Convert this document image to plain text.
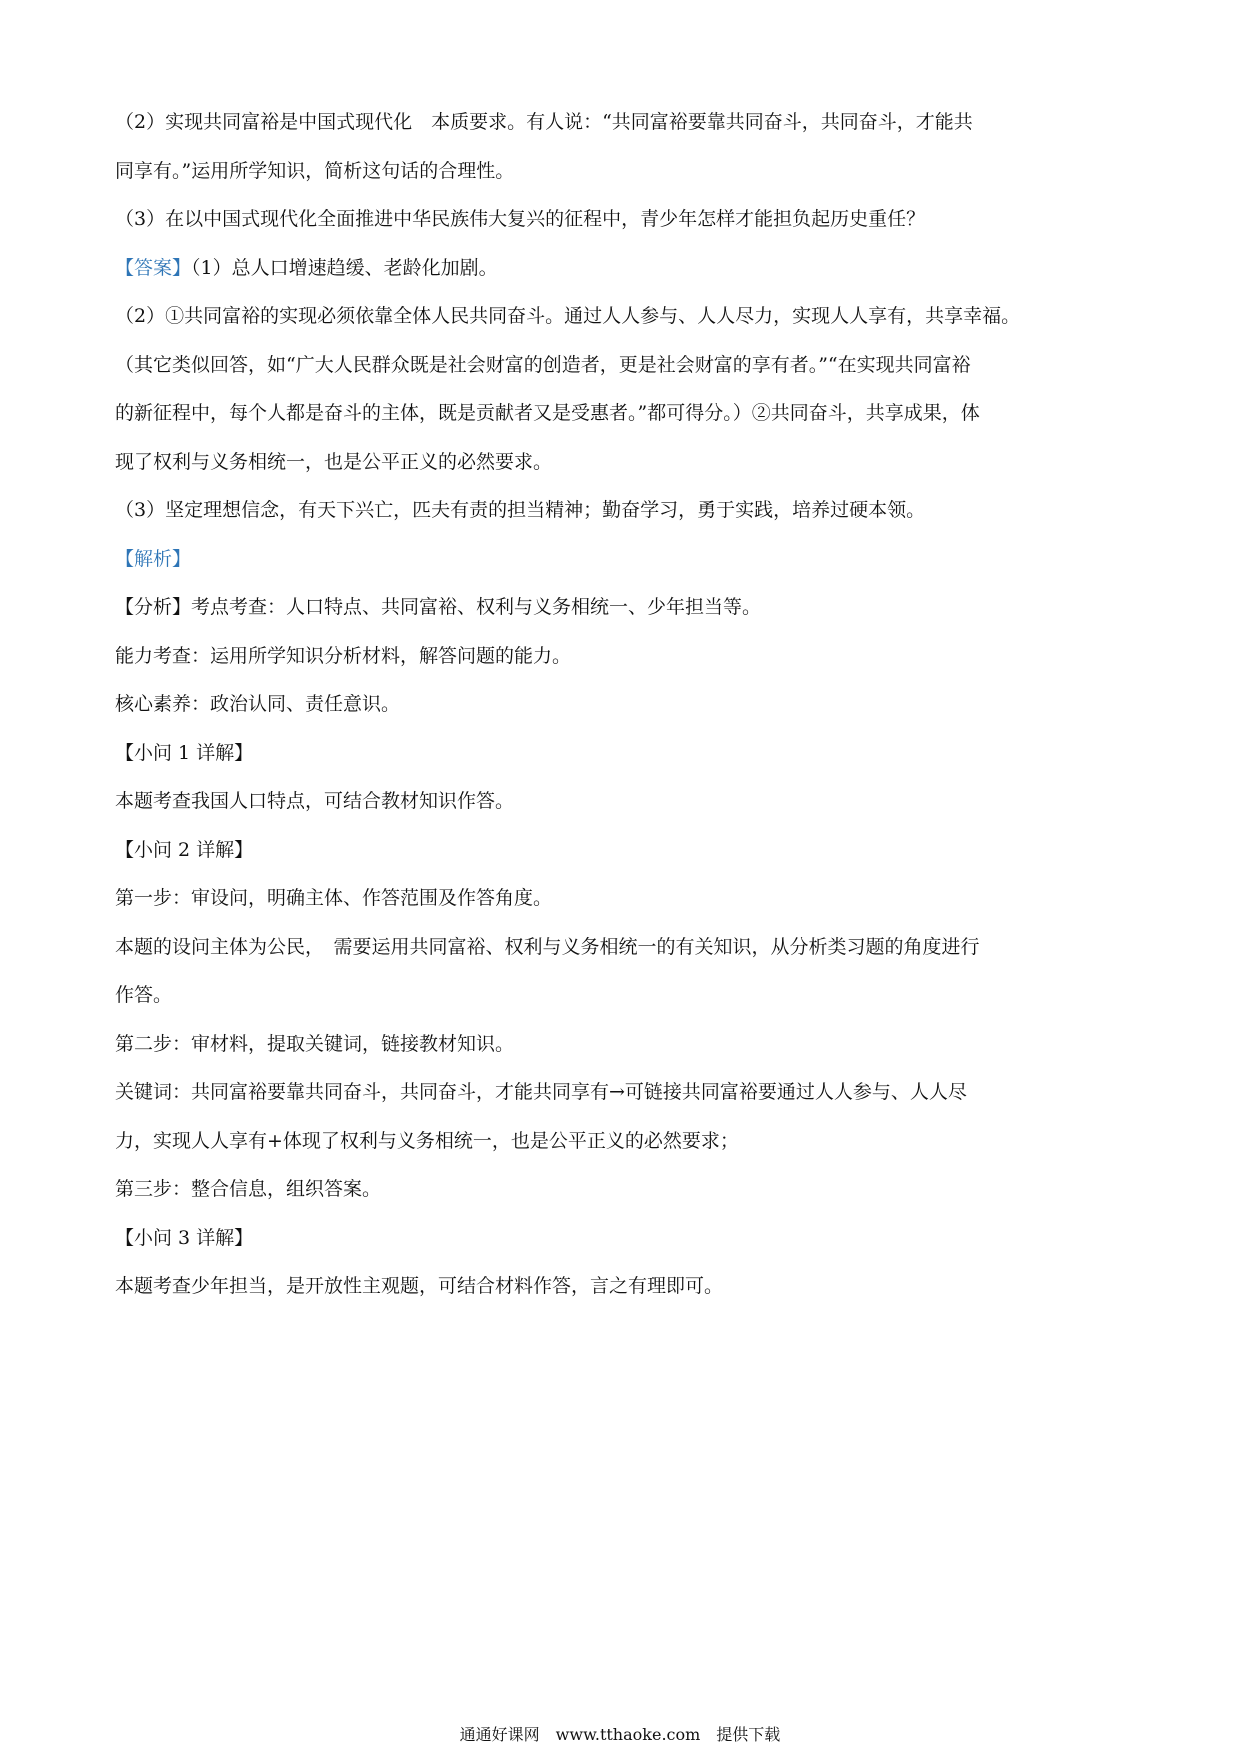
（2）实现共同富裕是中国式现代化　本质要求。有人说：“共同富裕要靠共同奋斗，共同奋斗，才能共
同享有。”运用所学知识，简析这句话的合理性。
（3）在以中国式现代化全面推进中华民族伟大复兴的征程中，青少年怎样才能担负起历史重任？
【答案】（1）总人口增速趋缓、老龄化加剧。
（2）①共同富裕的实现必须依靠全体人民共同奋斗。通过人人参与、人人尽力，实现人人享有，共享幸福。
（其它类似回答，如“广大人民群众既是社会财富的创造者，更是社会财富的享有者。”“在实现共同富裕
的新征程中，每个人都是奋斗的主体，既是贡献者又是受惠者。”都可得分。）②共同奋斗，共享成果，体
现了权利与义务相统一，也是公平正义的必然要求。
（3）坚定理想信念，有天下兴亡，匹夫有责的担当精神；勤奋学习，勇于实践，培养过硬本领。
【解析】
【分析】考点考查：人口特点、共同富裕、权利与义务相统一、少年担当等。
能力考查：运用所学知识分析材料，解答问题的能力。
核心素养：政治认同、责任意识。
【小问 1 详解】
本题考查我国人口特点，可结合教材知识作答。
【小问 2 详解】
第一步：审设问，明确主体、作答范围及作答角度。
本题的设问主体为公民，　需要运用共同富裕、权利与义务相统一的有关知识，从分析类习题的角度进行
作答。
第二步：审材料，提取关键词，链接教材知识。
关键词：共同富裕要靠共同奋斗，共同奋斗，才能共同享有→可链接共同富裕要通过人人参与、人人尽
力，实现人人享有+体现了权利与义务相统一，也是公平正义的必然要求；
第三步：整合信息，组织答案。
【小问 3 详解】
本题考查少年担当，是开放性主观题，可结合材料作答，言之有理即可。
通通好课网　www.tthaoke.com　提供下载
